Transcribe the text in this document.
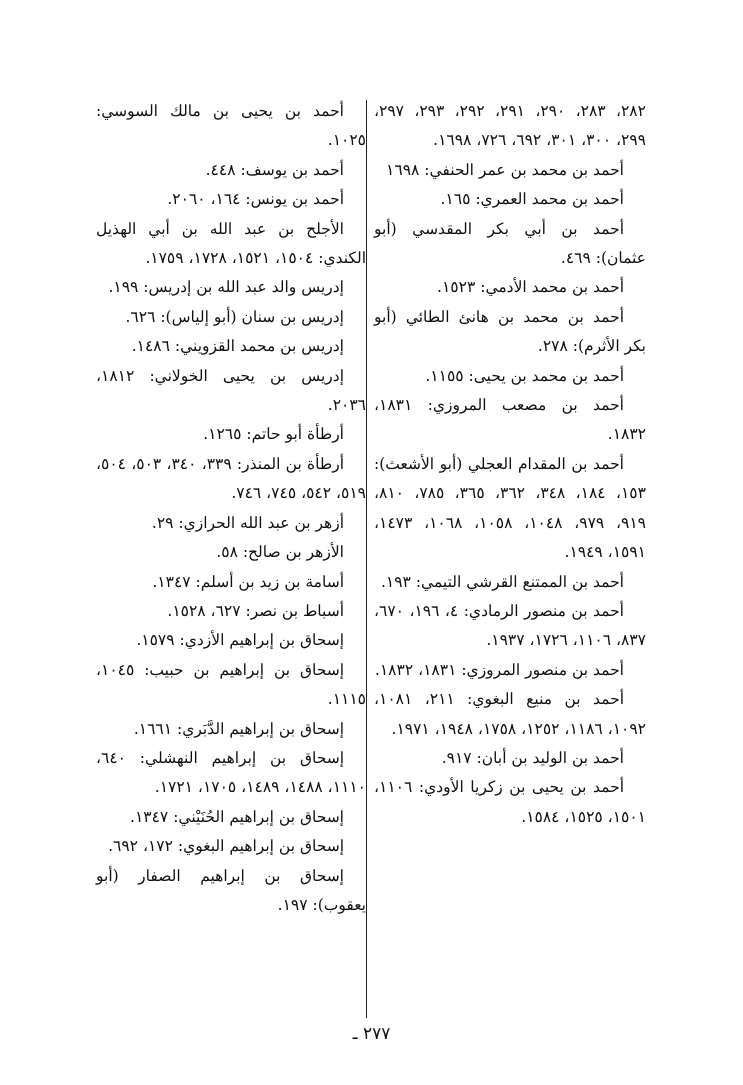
٢٨٢، ٢٨٣، ٢٩٠، ٢٩١، ٢٩٢، ٢٩٣، ٢٩٧، ٢٩٩، ٣٠٠، ٣٠١، ٦٩٢، ٧٢٦، ١٦٩٨.

أحمد بن محمد بن عمر الحنفي: ١٦٩٨

أحمد بن محمد العمري: ١٦٥.

أحمد بن أبي بكر المقدسي (أبو عثمان): ٤٦٩.

أحمد بن محمد الأدمي: ١٥٢٣.

أحمد بن محمد بن هانئ الطائي (أبو بكر الأثرم): ٢٧٨.

أحمد بن محمد بن يحيى: ١١٥٥.

أحمد بن مصعب المروزي: ١٨٣١، ١٨٣٢.

أحمد بن المقدام العجلي (أبو الأشعث): ١٥٣، ١٨٤، ٣٤٨، ٣٦٢، ٣٦٥، ٧٨٥، ٨١٠، ٩١٩، ٩٧٩، ١٠٤٨، ١٠٥٨، ١٠٦٨، ١٤٧٣، ١٥٩١، ١٩٤٩.

أحمد بن الممتنع القرشي التيمي: ١٩٣.

أحمد بن منصور الرمادي: ٤، ١٩٦، ٦٧٠، ٨٣٧، ١١٠٦، ١٧٢٦، ١٩٣٧.

أحمد بن منصور المروزي: ١٨٣١، ١٨٣٢.

أحمد بن منيع البغوي: ٢١١، ١٠٨١، ١٠٩٢، ١١٨٦، ١٢٥٢، ١٧٥٨، ١٩٤٨، ١٩٧١.

أحمد بن الوليد بن أبان: ٩١٧.

أحمد بن يحيى بن زكريا الأودي: ١١٠٦، ١٥٠١، ١٥٢٥، ١٥٨٤.

أحمد بن يحيى بن مالك السوسي: ١٠٢٥.

أحمد بن يوسف: ٤٤٨.

أحمد بن يونس: ١٦٤، ٢٠٦٠.

الأجلح بن عبد الله بن أبي الهذيل الكندي: ١٥٠٤، ١٥٢١، ١٧٢٨، ١٧٥٩.

إدريس والد عبد الله بن إدريس: ١٩٩.

إدريس بن سنان (أبو إلياس): ٦٢٦.

إدريس بن محمد القزويني: ١٤٨٦.

إدريس بن يحيى الخولاني: ١٨١٢، ٢٠٣٦.

أرطأة أبو حاتم: ١٢٦٥.

أرطأة بن المنذر: ٣٣٩، ٣٤٠، ٥٠٣، ٥٠٤، ٥١٩، ٥٤٢، ٧٤٥، ٧٤٦.

أزهر بن عبد الله الحرازي: ٢٩.

الأزهر بن صالح: ٥٨.

أسامة بن زيد بن أسلم: ١٣٤٧.

أسباط بن نصر: ٦٢٧، ١٥٢٨.

إسحاق بن إبراهيم الأزدي: ١٥٧٩.

إسحاق بن إبراهيم بن حبيب: ١٠٤٥، ١١١٥.

إسحاق بن إبراهيم الدَّبَري: ١٦٦١.

إسحاق بن إبراهيم النهشلي: ٦٤٠، ١١١٠، ١٤٨٨، ١٤٨٩، ١٧٠٥، ١٧٢١.

إسحاق بن إبراهيم الحُنَيْني: ١٣٤٧.

إسحاق بن إبراهيم البغوي: ١٧٢، ٦٩٢.

إسحاق بن إبراهيم الصفار (أبو يعقوب): ١٩٧.

٢٧٧ ـ
